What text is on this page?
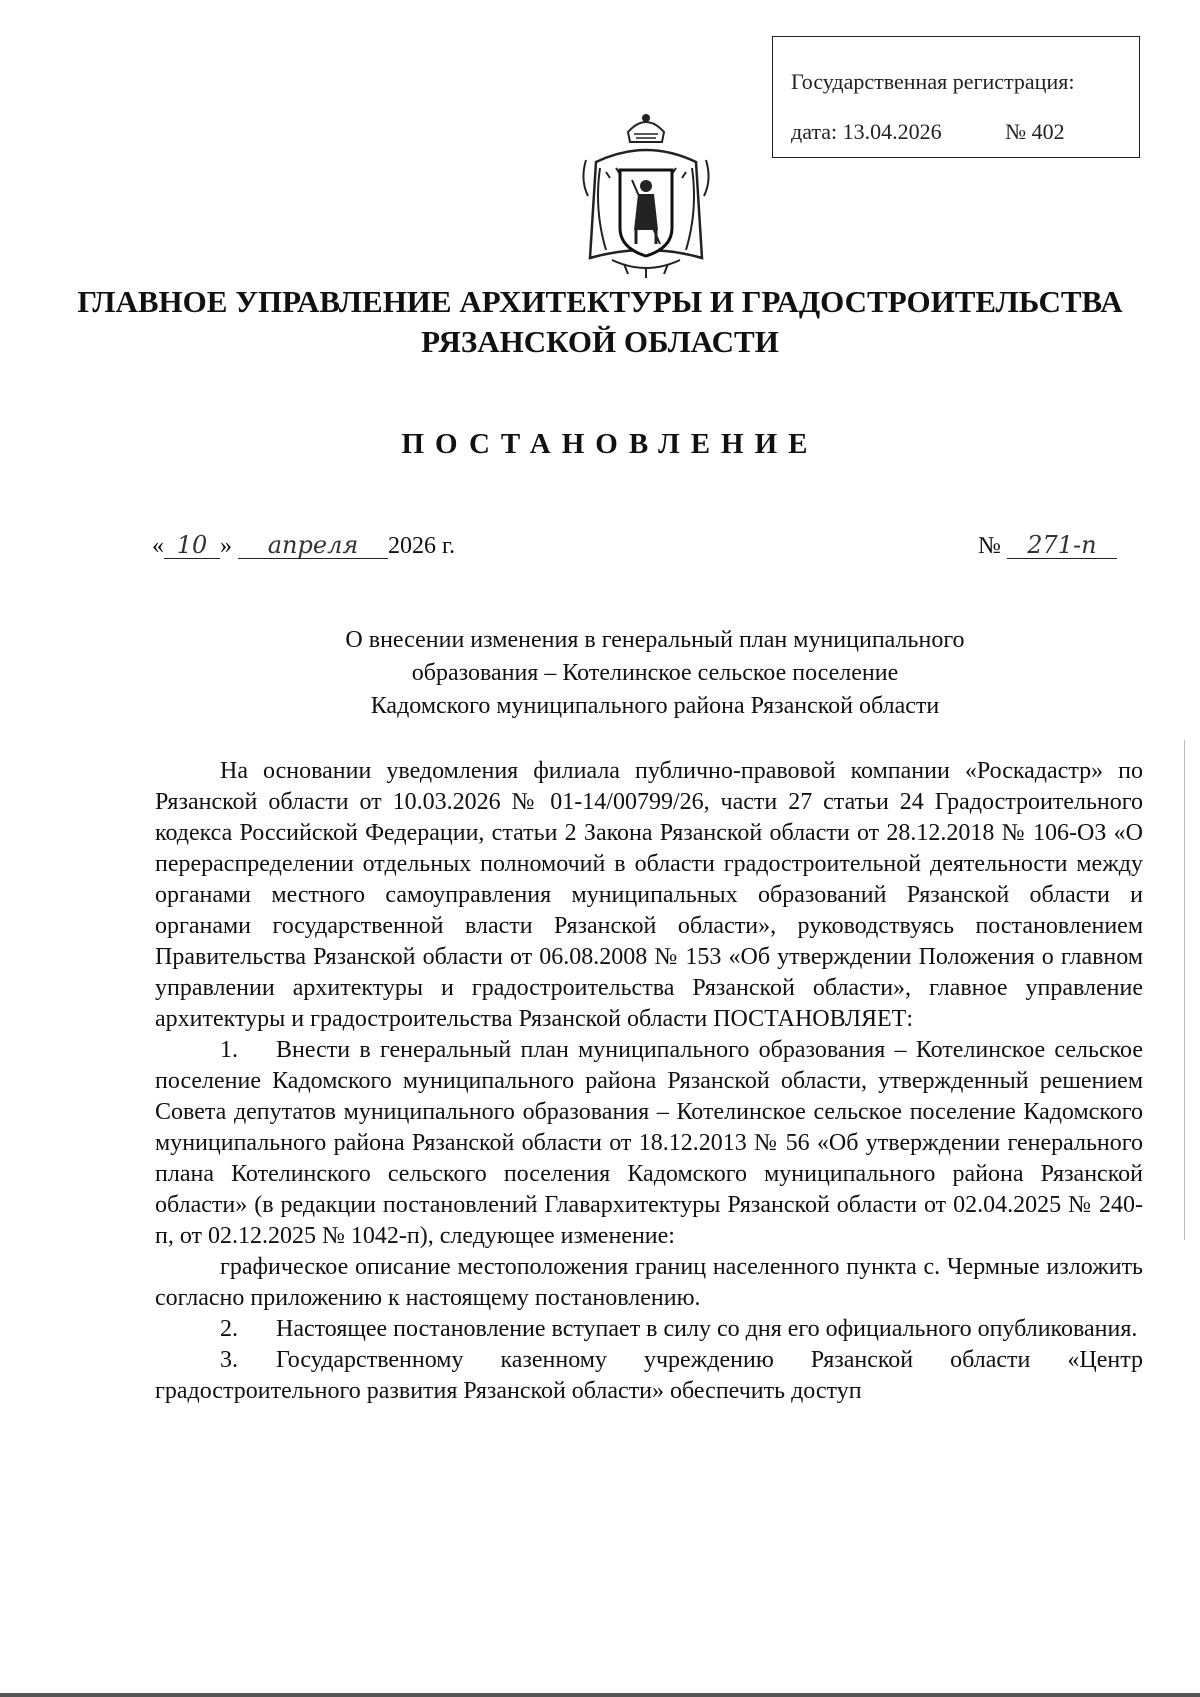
Государственная регистрация:
дата: 13.04.2026	№ 402
ГЛАВНОЕ УПРАВЛЕНИЕ АРХИТЕКТУРЫ И ГРАДОСТРОИТЕЛЬСТВА
РЯЗАНСКОЙ ОБЛАСТИ
ПОСТАНОВЛЕНИЕ
« 10 » апреля 2026 г.	№ 271-п
О внесении изменения в генеральный план муниципального
образования – Котелинское сельское поселение
Кадомского муниципального района Рязанской области

На основании уведомления филиала публично-правовой компании «Роскадастр» по Рязанской области от 10.03.2026 № 01-14/00799/26, части 27 статьи 24 Градостроительного кодекса Российской Федерации, статьи 2 Закона Рязанской области от 28.12.2018 № 106-ОЗ «О перераспределении отдельных полномочий в области градостроительной деятельности между органами местного самоуправления муниципальных образований Рязанской области и органами государственной власти Рязанской области», руководствуясь постановлением Правительства Рязанской области от 06.08.2008 № 153 «Об утверждении Положения о главном управлении архитектуры и градостроительства Рязанской области», главное управление архитектуры и градостроительства Рязанской области ПОСТАНОВЛЯЕТ:

1. Внести в генеральный план муниципального образования – Котелинское сельское поселение Кадомского муниципального района Рязанской области, утвержденный решением Совета депутатов муниципального образования – Котелинское сельское поселение Кадомского муниципального района Рязанской области от 18.12.2013 № 56 «Об утверждении генерального плана Котелинского сельского поселения Кадомского муниципального района Рязанской области» (в редакции постановлений Главархитектуры Рязанской области от 02.04.2025 № 240-п, от 02.12.2025 № 1042-п), следующее изменение:

графическое описание местоположения границ населенного пункта с. Чермные изложить согласно приложению к настоящему постановлению.

2. Настоящее постановление вступает в силу со дня его официального опубликования.

3. Государственному казенному учреждению Рязанской области «Центр градостроительного развития Рязанской области» обеспечить доступ
